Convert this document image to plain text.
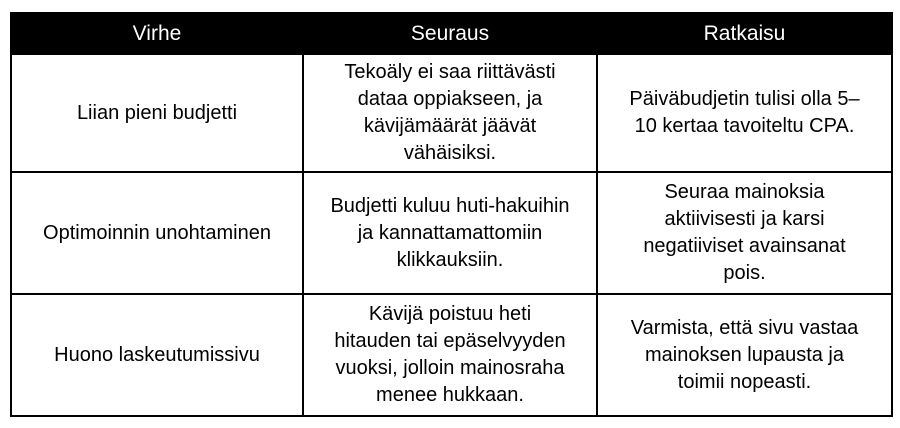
Virhe	Seuraus	Ratkaisu
Liian pieni budjetti	Tekoäly ei saa riittävästi dataa oppiakseen, ja kävijämäärät jäävät vähäisiksi.	Päiväbudjetin tulisi olla 5–10 kertaa tavoiteltu CPA.
Optimoinnin unohtaminen	Budjetti kuluu huti-hakuihin ja kannattamattomiin klikkauksiin.	Seuraa mainoksia aktiivisesti ja karsi negatiiviset avainsanat pois.
Huono laskeutumissivu	Kävijä poistuu heti hitauden tai epäselvyyden vuoksi, jolloin mainosraha menee hukkaan.	Varmista, että sivu vastaa mainoksen lupausta ja toimii nopeasti.
